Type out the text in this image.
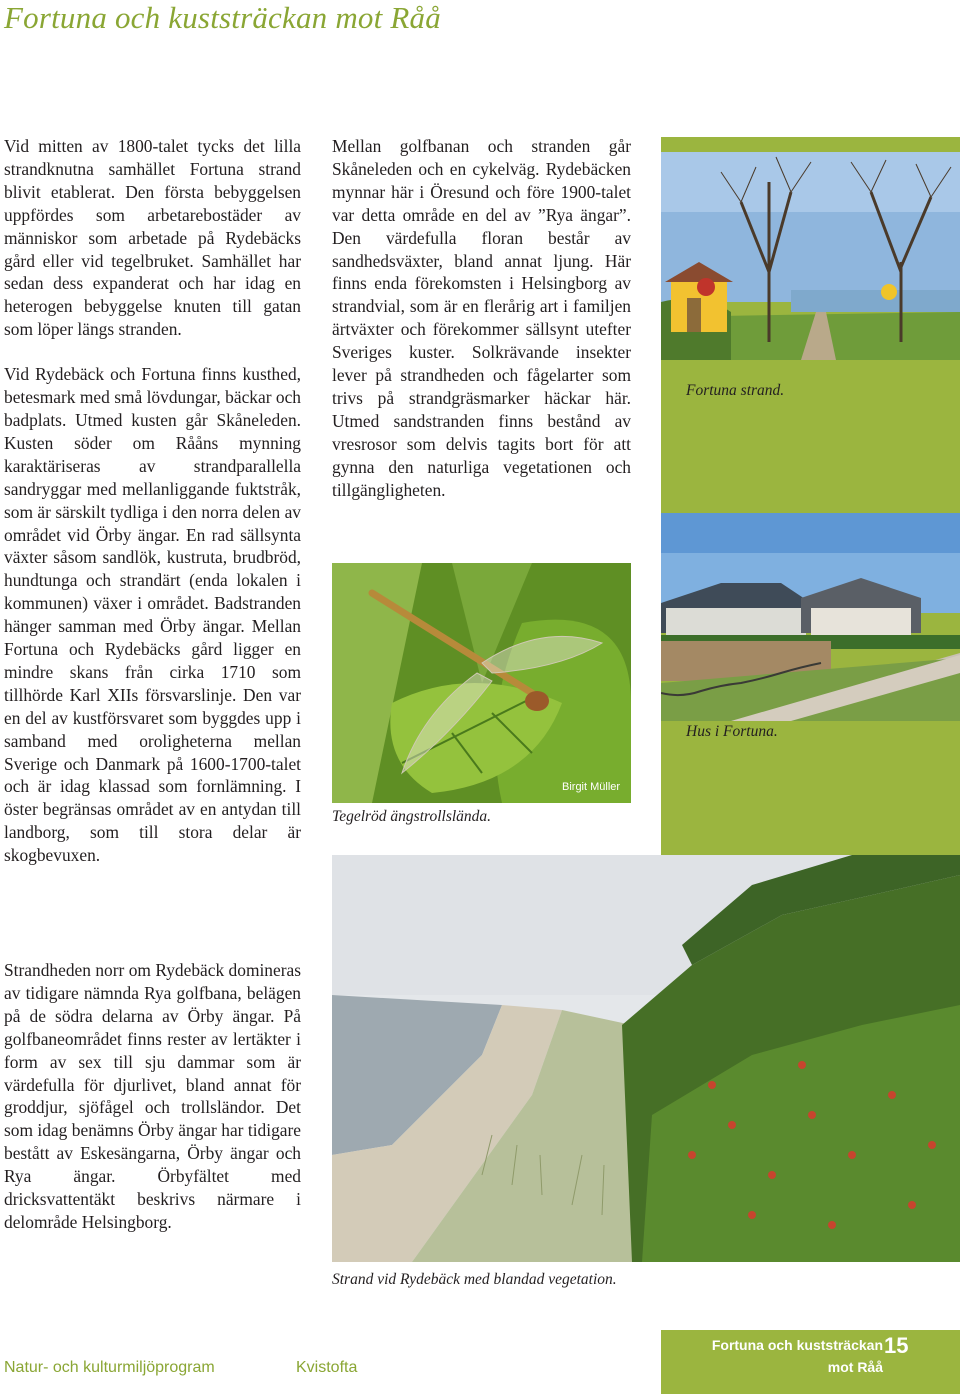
Fortuna och kuststräckan mot Råå

Vid mitten av 1800-talet tycks det lilla strandknutna samhället Fortuna strand blivit etablerat. Den första bebyggelsen uppfördes som arbetarebostäder av människor som arbetade på Rydebäcks gård eller vid tegelbruket. Samhället har sedan dess expanderat och har idag en heterogen bebyggelse knuten till gatan som löper längs stranden.

Vid Rydebäck och Fortuna finns kusthed, betesmark med små lövdungar, bäckar och badplats. Utmed kusten går Skåneleden. Kusten söder om Rååns mynning karaktäriseras av strandparallella sandryggar med mellanliggande fuktstråk, som är särskilt tydliga i den norra delen av området vid Örby ängar. En rad sällsynta växter såsom sandlök, kustruta, brudbröd, hundtunga och strandärt (enda lokalen i kommunen) växer i området. Badstranden hänger samman med Örby ängar. Mellan Fortuna och Rydebäcks gård ligger en mindre skans från cirka 1710 som tillhörde Karl XIIs försvarslinje. Den var en del av kustförsvaret som byggdes upp i samband med oroligheterna mellan Sverige och Danmark på 1600-1700-talet och är idag klassad som fornlämning. I öster begränsas området av en antydan till landborg, som till stora delar är skogbevuxen.

Strandheden norr om Rydebäck domineras av tidigare nämnda Rya golfbana, belägen på de södra delarna av Örby ängar. På golfbaneområdet finns rester av lertäkter i form av sex till sju dammar som är värdefulla för djurlivet, bland annat för groddjur, sjöfågel och trollsländor. Det som idag benämns Örby ängar har tidigare bestått av Eskesängarna, Örby ängar och Rya ängar. Örbyfältet med dricksvattentäkt beskrivs närmare i delområde Helsingborg.

Mellan golfbanan och stranden går Skåneleden och en cykelväg. Rydebäcken mynnar här i Öresund och före 1900-talet var detta område en del av ”Rya ängar”. Den värdefulla floran består av sandhedsväxter, bland annat ljung. Här finns enda förekomsten i Helsingborg av strandvial, som är en flerårig art i familjen ärtväxter och förekommer sällsynt utefter Sveriges kuster. Solkrävande insekter lever på strandheden och fågelarter som trivs på strandgräsmarker häckar här. Utmed sandstranden finns bestånd av vresrosor som delvis tagits bort för att gynna den naturliga vegetationen och tillgängligheten.

Fortuna strand.

Hus i Fortuna.

Birgit Müller

Tegelröd ängstrollslända.

Strand vid Rydebäck med blandad vegetation.

Natur- och kulturmiljöprogram	Kvistofta
Fortuna och kuststräckan mot Råå
15
